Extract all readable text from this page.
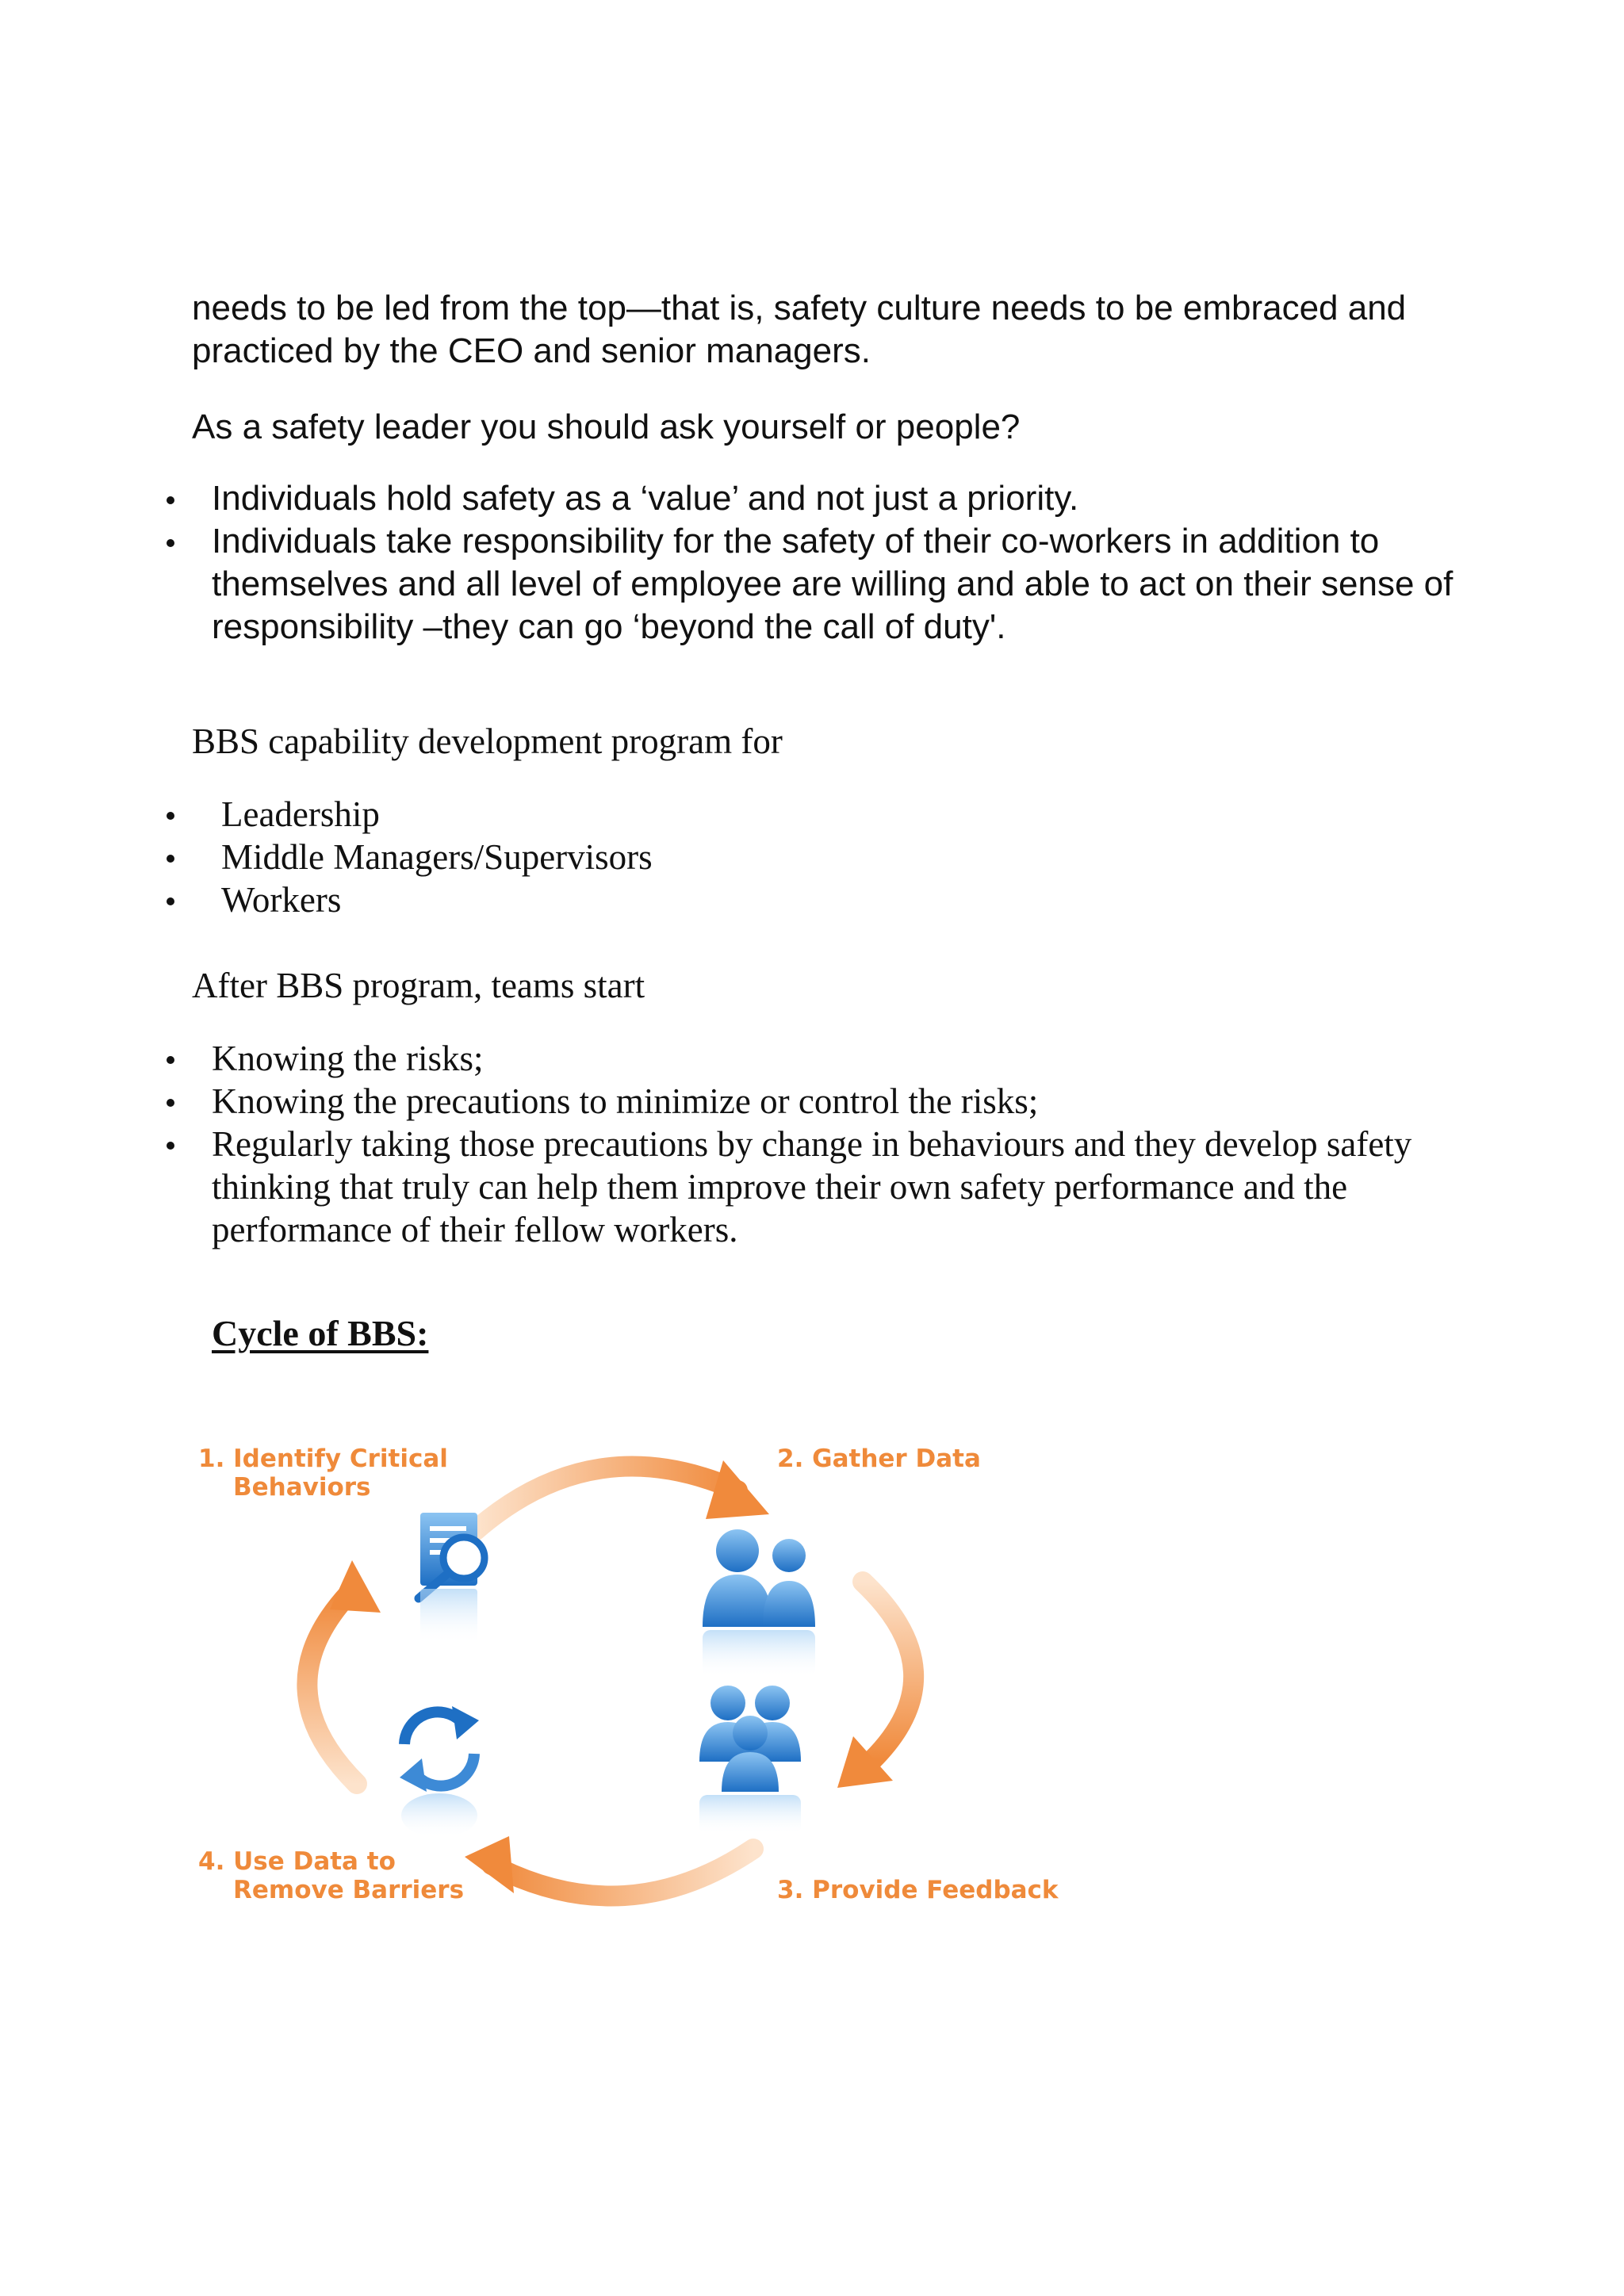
needs to be led from the top—that is, safety culture needs to be embraced and practiced by the CEO and senior managers.

As a safety leader you should ask yourself or people?

Individuals hold safety as a ‘value’ and not just a priority.
Individuals take responsibility for the safety of their co-workers in addition to themselves and all level of employee are willing and able to act on their sense of responsibility –they can go ‘beyond the call of duty'.

BBS capability development program for

Leadership
Middle Managers/Supervisors
Workers

After BBS program, teams start

Knowing the risks;
Knowing the precautions to minimize or control the risks;
Regularly taking those precautions by change in behaviours and they develop safety thinking that truly can help them improve their own safety performance and the performance of their fellow workers.

Cycle of BBS:

1. Identify Critical
Behaviors
2. Gather Data
3. Provide Feedback
4. Use Data to
Remove Barriers
